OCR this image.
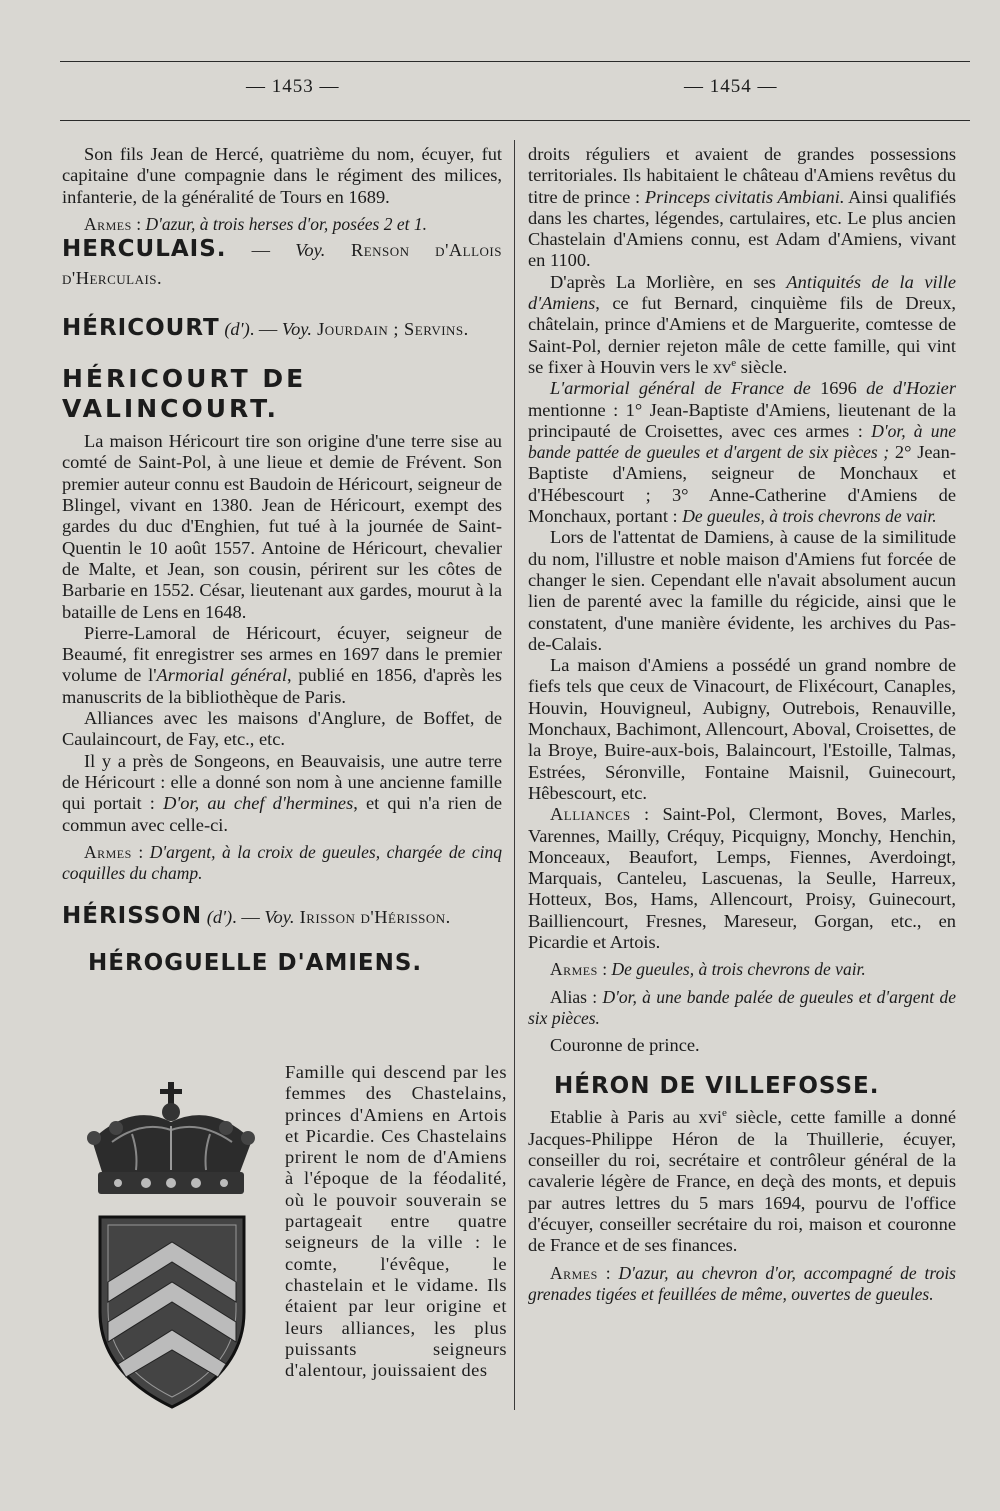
— 1453 —	— 1454 —

Son fils Jean de Hercé, quatrième du nom, écuyer, fut capitaine d'une compagnie dans le régiment des milices, infanterie, de la généralité de Tours en 1689.

Armes : D'azur, à trois herses d'or, posées 2 et 1.

HERCULAIS. — Voy. Renson d'Allois d'Herculais.

HÉRICOURT (d'). — Voy. Jourdain ; Servins.

HÉRICOURT DE VALINCOURT.

La maison Héricourt tire son origine d'une terre sise au comté de Saint-Pol, à une lieue et demie de Frévent. Son premier auteur connu est Baudoin de Héricourt, seigneur de Blingel, vivant en 1380. Jean de Héricourt, exempt des gardes du duc d'Enghien, fut tué à la journée de Saint-Quentin le 10 août 1557. Antoine de Héricourt, chevalier de Malte, et Jean, son cousin, périrent sur les côtes de Barbarie en 1552. César, lieutenant aux gardes, mourut à la bataille de Lens en 1648.

Pierre-Lamoral de Héricourt, écuyer, seigneur de Beaumé, fit enregistrer ses armes en 1697 dans le premier volume de l'Armorial général, publié en 1856, d'après les manuscrits de la bibliothèque de Paris.

Alliances avec les maisons d'Anglure, de Boffet, de Caulaincourt, de Fay, etc., etc.

Il y a près de Songeons, en Beauvaisis, une autre terre de Héricourt : elle a donné son nom à une ancienne famille qui portait : D'or, au chef d'hermines, et qui n'a rien de commun avec celle-ci.

Armes : D'argent, à la croix de gueules, chargée de cinq coquilles du champ.

HÉRISSON (d'). — Voy. Irisson d'Hérisson.

HÉROGUELLE D'AMIENS.

Famille qui descend par les femmes des Chastelains, princes d'Amiens en Artois et Picardie. Ces Chastelains prirent le nom de d'Amiens à l'époque de la féodalité, où le pouvoir souverain se partageait entre quatre seigneurs de la ville : le comte, l'évêque, le chastelain et le vidame. Ils étaient par leur origine et leurs alliances, les plus puissants seigneurs d'alentour, jouissaient des

droits réguliers et avaient de grandes possessions territoriales. Ils habitaient le château d'Amiens revêtus du titre de prince : Princeps civitatis Ambiani. Ainsi qualifiés dans les chartes, légendes, cartulaires, etc. Le plus ancien Chastelain d'Amiens connu, est Adam d'Amiens, vivant en 1100.

D'après La Morlière, en ses Antiquités de la ville d'Amiens, ce fut Bernard, cinquième fils de Dreux, châtelain, prince d'Amiens et de Marguerite, comtesse de Saint-Pol, dernier rejeton mâle de cette famille, qui vint se fixer à Houvin vers le $xv^e$ siècle.

L'armorial général de France de 1696 de d'Hozier mentionne : 1° Jean-Baptiste d'Amiens, lieutenant de la principauté de Croisettes, avec ces armes : D'or, à une bande pattée de gueules et d'argent de six pièces ; 2° Jean-Baptiste d'Amiens, seigneur de Monchaux et d'Hébescourt ; 3° Anne-Catherine d'Amiens de Monchaux, portant : De gueules, à trois chevrons de vair.

Lors de l'attentat de Damiens, à cause de la similitude du nom, l'illustre et noble maison d'Amiens fut forcée de changer le sien. Cependant elle n'avait absolument aucun lien de parenté avec la famille du régicide, ainsi que le constatent, d'une manière évidente, les archives du Pas-de-Calais.

La maison d'Amiens a possédé un grand nombre de fiefs tels que ceux de Vinacourt, de Flixécourt, Canaples, Houvin, Houvigneul, Aubigny, Outrebois, Renauville, Monchaux, Bachimont, Allencourt, Aboval, Croisettes, de la Broye, Buire-aux-bois, Balaincourt, l'Estoille, Talmas, Estrées, Séronville, Fontaine Maisnil, Guinecourt, Hêbescourt, etc.

Alliances : Saint-Pol, Clermont, Boves, Marles, Varennes, Mailly, Créquy, Picquigny, Monchy, Henchin, Monceaux, Beaufort, Lemps, Fiennes, Averdoingt, Marquais, Canteleu, Lascuenas, la Seulle, Harreux, Hotteux, Bos, Hams, Allencourt, Proisy, Guinecourt, Bailliencourt, Fresnes, Mareseur, Gorgan, etc., en Picardie et Artois.

Armes : De gueules, à trois chevrons de vair.

Alias : D'or, à une bande palée de gueules et d'argent de six pièces.

Couronne de prince.

HÉRON DE VILLEFOSSE.

Etablie à Paris au xvi$^e$ siècle, cette famille a donné Jacques-Philippe Héron de la Thuillerie, écuyer, conseiller du roi, secrétaire et contrôleur général de la cavalerie légère de France, en deçà des monts, et depuis par autres lettres du 5 mars 1694, pourvu de l'office d'écuyer, conseiller secrétaire du roi, maison et couronne de France et de ses finances.

Armes : D'azur, au chevron d'or, accompagné de trois grenades tigées et feuillées de même, ouvertes de gueules.
